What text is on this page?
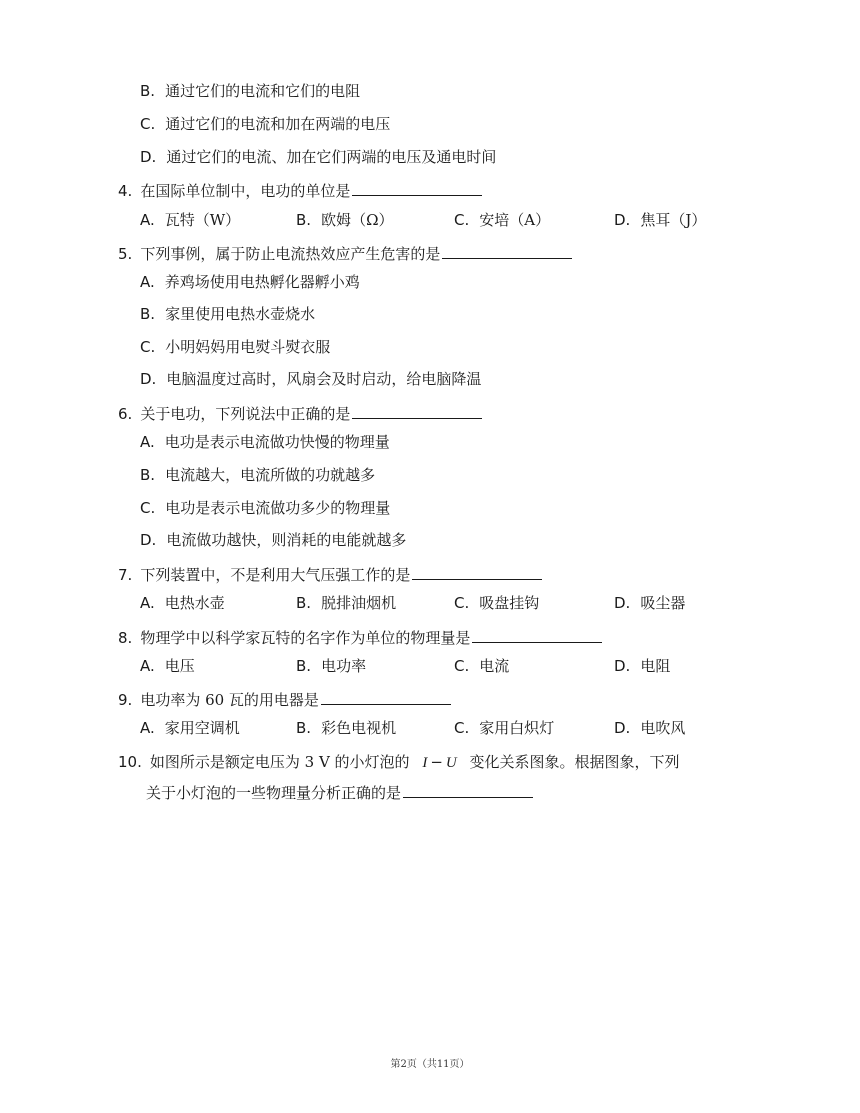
B. 通过它们的电流和它们的电阻
C. 通过它们的电流和加在两端的电压
D. 通过它们的电流、加在它们两端的电压及通电时间
4. 在国际单位制中，电功的单位是
A. 瓦特（W）	B. 欧姆（Ω）	C. 安培（A）	D. 焦耳（J）
5. 下列事例，属于防止电流热效应产生危害的是
A. 养鸡场使用电热孵化器孵小鸡
B. 家里使用电热水壶烧水
C. 小明妈妈用电熨斗熨衣服
D. 电脑温度过高时，风扇会及时启动，给电脑降温
6. 关于电功，下列说法中正确的是
A. 电功是表示电流做功快慢的物理量
B. 电流越大，电流所做的功就越多
C. 电功是表示电流做功多少的物理量
D. 电流做功越快，则消耗的电能就越多
7. 下列装置中，不是利用大气压强工作的是
A. 电热水壶	B. 脱排油烟机	C. 吸盘挂钩	D. 吸尘器
8. 物理学中以科学家瓦特的名字作为单位的物理量是
A. 电压	B. 电功率	C. 电流	D. 电阻
9. 电功率为 60 瓦的用电器是
A. 家用空调机	B. 彩色电视机	C. 家用白炽灯	D. 电吹风
10. 如图所示是额定电压为 3 V 的小灯泡的 I − U 变化关系图象。根据图象，下列
关于小灯泡的一些物理量分析正确的是
第2页（共11页）
